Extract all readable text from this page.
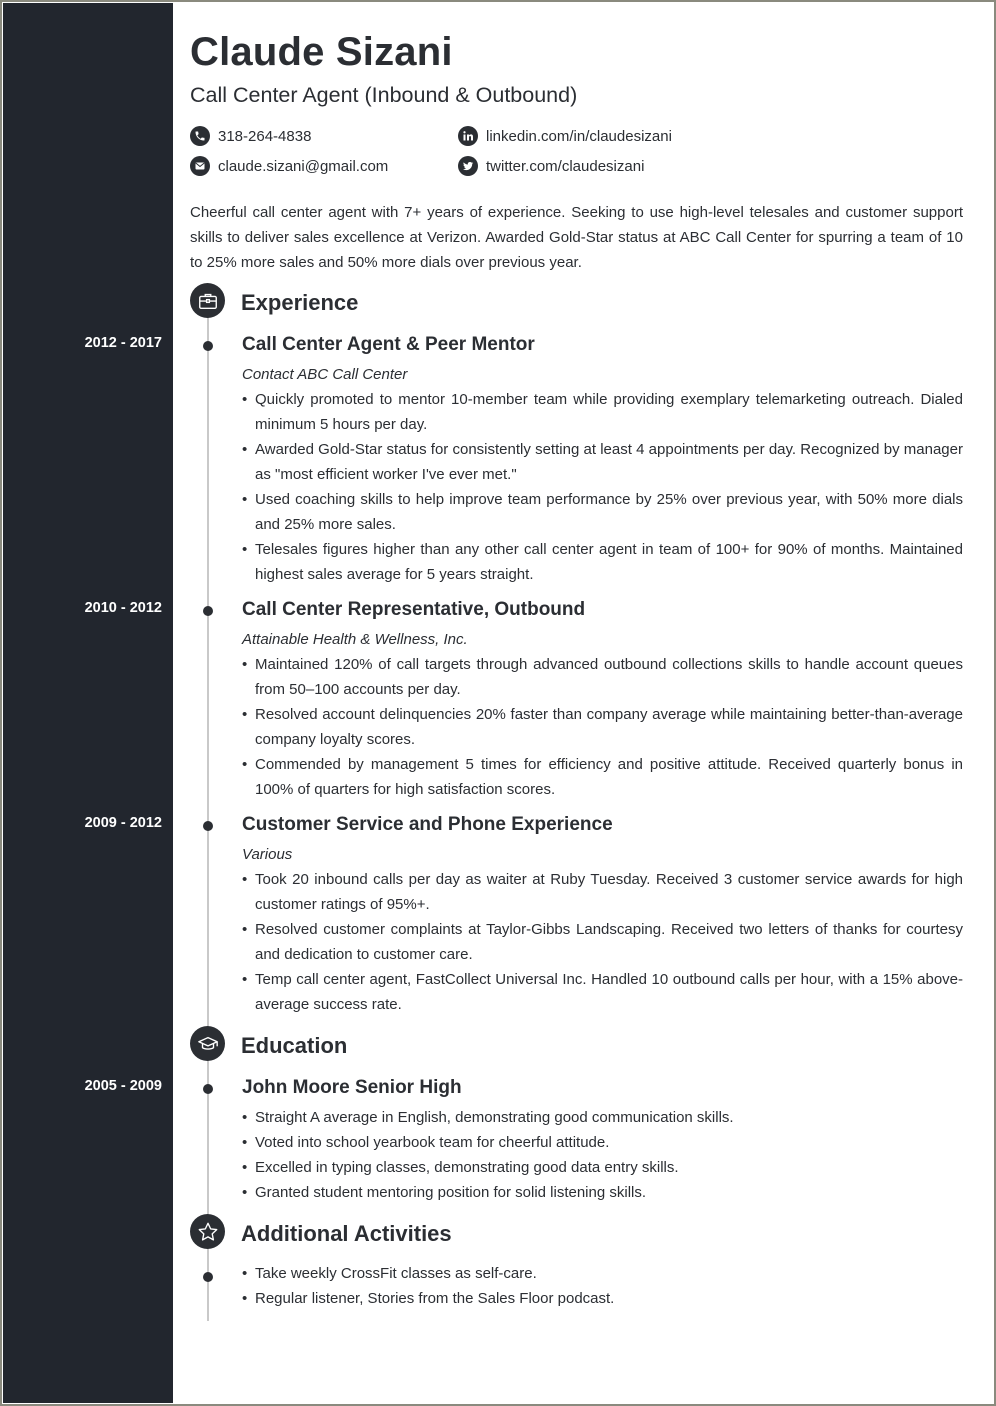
Claude Sizani
Call Center Agent (Inbound & Outbound)
318-264-4838
claude.sizani@gmail.com
linkedin.com/in/claudesizani
twitter.com/claudesizani

Cheerful call center agent with 7+ years of experience. Seeking to use high-level telesales and customer support skills to deliver sales excellence at Verizon. Awarded Gold-Star status at ABC Call Center for spurring a team of 10 to 25% more sales and 50% more dials over previous year.

Experience
2012 - 2017	Call Center Agent & Peer Mentor
Contact ABC Call Center
• Quickly promoted to mentor 10-member team while providing exemplary telemarketing outreach. Dialed minimum 5 hours per day.
• Awarded Gold-Star status for consistently setting at least 4 appointments per day. Recognized by manager as "most efficient worker I've ever met."
• Used coaching skills to help improve team performance by 25% over previous year, with 50% more dials and 25% more sales.
• Telesales figures higher than any other call center agent in team of 100+ for 90% of months. Maintained highest sales average for 5 years straight.
2010 - 2012	Call Center Representative, Outbound
Attainable Health & Wellness, Inc.
• Maintained 120% of call targets through advanced outbound collections skills to handle account queues from 50–100 accounts per day.
• Resolved account delinquencies 20% faster than company average while maintaining better-than-average company loyalty scores.
• Commended by management 5 times for efficiency and positive attitude. Received quarterly bonus in 100% of quarters for high satisfaction scores.
2009 - 2012	Customer Service and Phone Experience
Various
• Took 20 inbound calls per day as waiter at Ruby Tuesday. Received 3 customer service awards for high customer ratings of 95%+.
• Resolved customer complaints at Taylor-Gibbs Landscaping. Received two letters of thanks for courtesy and dedication to customer care.
• Temp call center agent, FastCollect Universal Inc. Handled 10 outbound calls per hour, with a 15% above-average success rate.
Education
2005 - 2009	John Moore Senior High
• Straight A average in English, demonstrating good communication skills.
• Voted into school yearbook team for cheerful attitude.
• Excelled in typing classes, demonstrating good data entry skills.
• Granted student mentoring position for solid listening skills.
Additional Activities
• Take weekly CrossFit classes as self-care.
• Regular listener, Stories from the Sales Floor podcast.
